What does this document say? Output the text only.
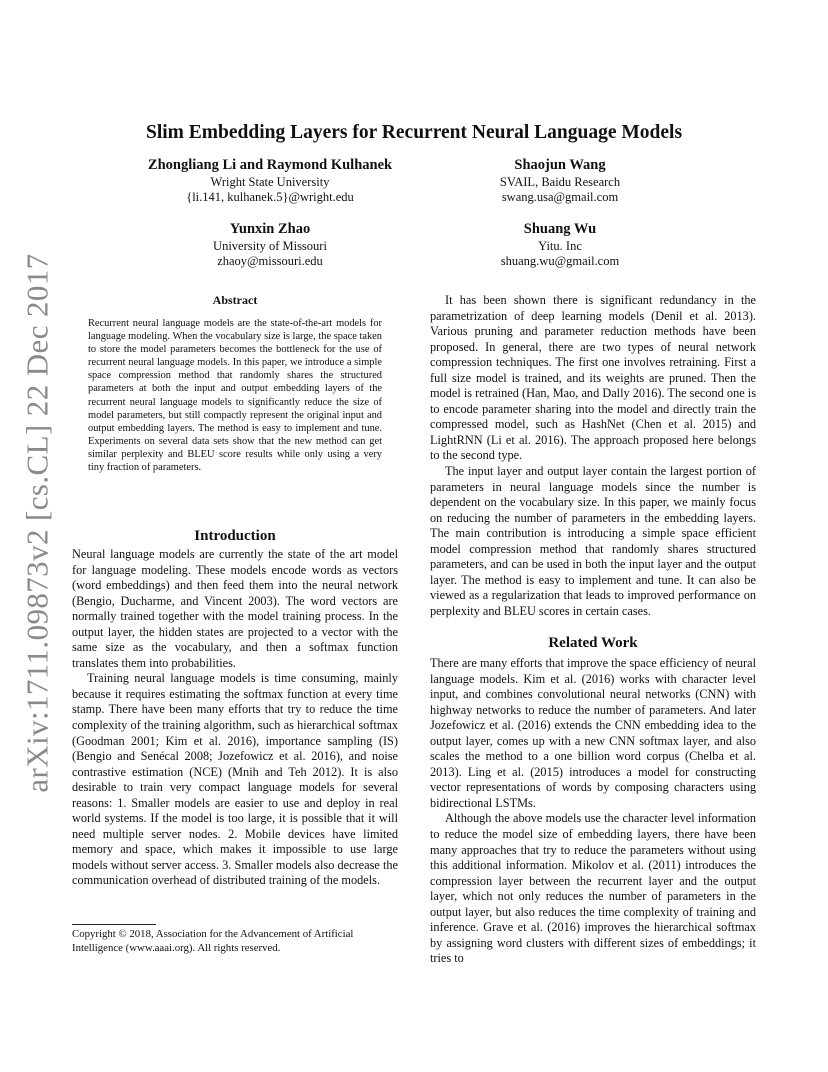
arXiv:1711.09873v2 [cs.CL] 22 Dec 2017
Slim Embedding Layers for Recurrent Neural Language Models
Zhongliang Li and Raymond Kulhanek
Wright State University
{li.141, kulhanek.5}@wright.edu
Shaojun Wang
SVAIL, Baidu Research
swang.usa@gmail.com
Yunxin Zhao
University of Missouri
zhaoy@missouri.edu
Shuang Wu
Yitu. Inc
shuang.wu@gmail.com
Abstract

Recurrent neural language models are the state-of-the-art models for language modeling. When the vocabulary size is large, the space taken to store the model parameters becomes the bottleneck for the use of recurrent neural language models. In this paper, we introduce a simple space compression method that randomly shares the structured parameters at both the input and output embedding layers of the recurrent neural language models to significantly reduce the size of model parameters, but still compactly represent the original input and output embedding layers. The method is easy to implement and tune. Experiments on several data sets show that the new method can get similar perplexity and BLEU score results while only using a very tiny fraction of parameters.

Introduction

Neural language models are currently the state of the art model for language modeling. These models encode words as vectors (word embeddings) and then feed them into the neural network (Bengio, Ducharme, and Vincent 2003). The word vectors are normally trained together with the model training process. In the output layer, the hidden states are projected to a vector with the same size as the vocabulary, and then a softmax function translates them into probabilities.

Training neural language models is time consuming, mainly because it requires estimating the softmax function at every time stamp. There have been many efforts that try to reduce the time complexity of the training algorithm, such as hierarchical softmax (Goodman 2001; Kim et al. 2016), importance sampling (IS) (Bengio and Senécal 2008; Jozefowicz et al. 2016), and noise contrastive estimation (NCE) (Mnih and Teh 2012). It is also desirable to train very compact language models for several reasons: 1. Smaller models are easier to use and deploy in real world systems. If the model is too large, it is possible that it will need multiple server nodes. 2. Mobile devices have limited memory and space, which makes it impossible to use large models without server access. 3. Smaller models also decrease the communication overhead of distributed training of the models.

Copyright © 2018, Association for the Advancement of Artificial Intelligence (www.aaai.org). All rights reserved.

It has been shown there is significant redundancy in the parametrization of deep learning models (Denil et al. 2013). Various pruning and parameter reduction methods have been proposed. In general, there are two types of neural network compression techniques. The first one involves retraining. First a full size model is trained, and its weights are pruned. Then the model is retrained (Han, Mao, and Dally 2016). The second one is to encode parameter sharing into the model and directly train the compressed model, such as HashNet (Chen et al. 2015) and LightRNN (Li et al. 2016). The approach proposed here belongs to the second type.

The input layer and output layer contain the largest portion of parameters in neural language models since the number is dependent on the vocabulary size. In this paper, we mainly focus on reducing the number of parameters in the embedding layers. The main contribution is introducing a simple space efficient model compression method that randomly shares structured parameters, and can be used in both the input layer and the output layer. The method is easy to implement and tune. It can also be viewed as a regularization that leads to improved performance on perplexity and BLEU scores in certain cases.

Related Work

There are many efforts that improve the space efficiency of neural language models. Kim et al. (2016) works with character level input, and combines convolutional neural networks (CNN) with highway networks to reduce the number of parameters. And later Jozefowicz et al. (2016) extends the CNN embedding idea to the output layer, comes up with a new CNN softmax layer, and also scales the method to a one billion word corpus (Chelba et al. 2013). Ling et al. (2015) introduces a model for constructing vector representations of words by composing characters using bidirectional LSTMs.

Although the above models use the character level information to reduce the model size of embedding layers, there have been many approaches that try to reduce the parameters without using this additional information. Mikolov et al. (2011) introduces the compression layer between the recurrent layer and the output layer, which not only reduces the number of parameters in the output layer, but also reduces the time complexity of training and inference. Grave et al. (2016) improves the hierarchical softmax by assigning word clusters with different sizes of embeddings; it tries to
